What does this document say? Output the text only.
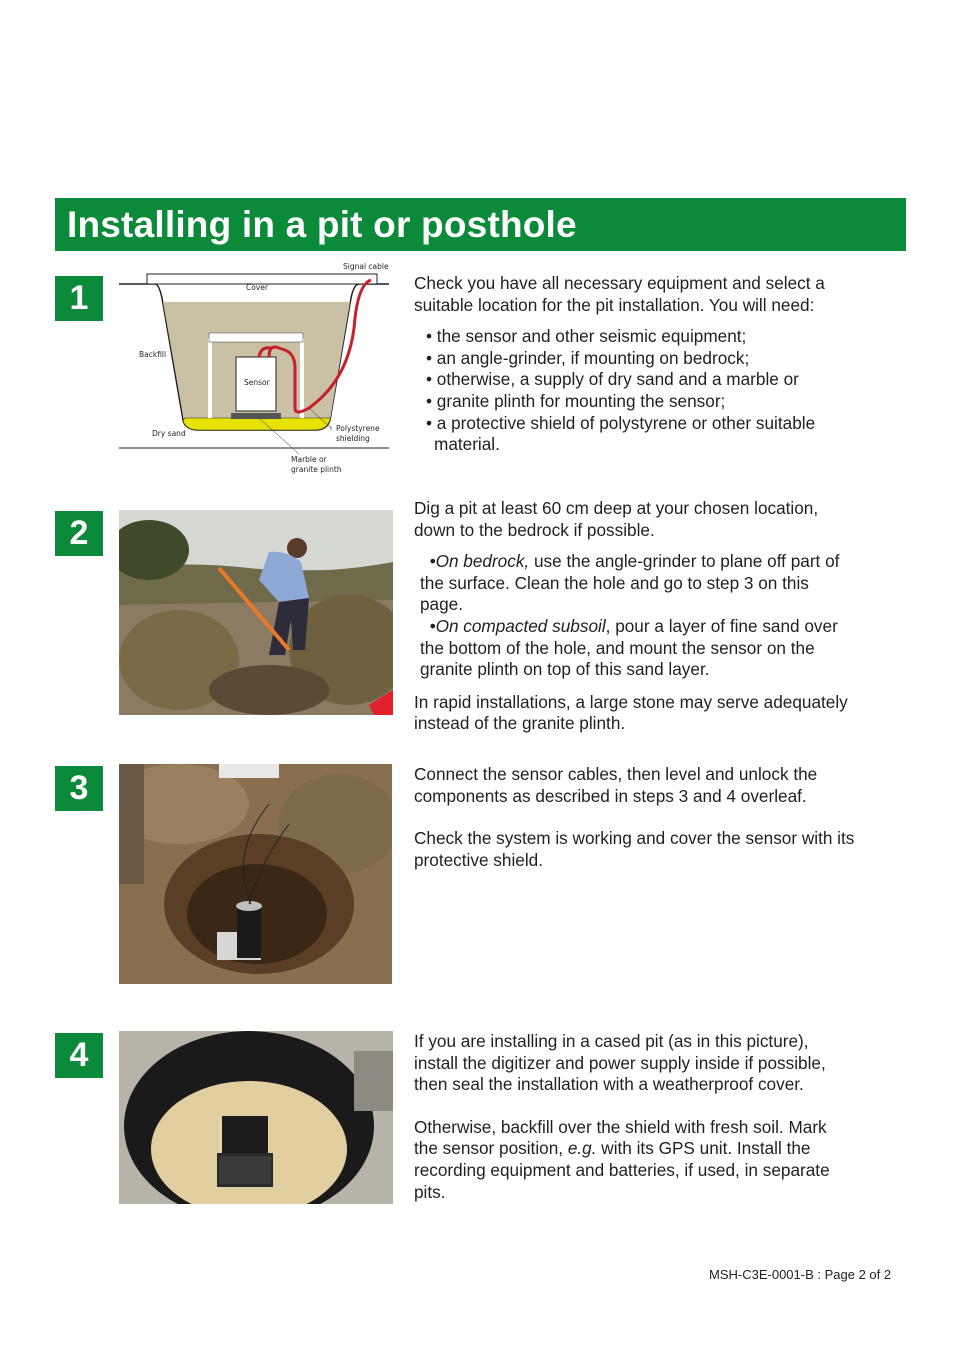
Installing in a pit or posthole
1
Signal cable
Cover
Backfill
Sensor
Dry sand
Polystyrene
shielding
Marble or
granite plinth

Check you have all necessary equipment and select a

suitable location for the pit installation. You will need:

• the sensor and other seismic equipment;

• an angle-grinder, if mounting on bedrock;

• otherwise, a supply of dry sand and a marble or

• granite plinth for mounting the sensor;

• a protective shield of polystyrene or other suitable

material.

2

Dig a pit at least 60 cm deep at your chosen location,

down to the bedrock if possible.

•On bedrock, use the angle-grinder to plane off part of

the surface. Clean the hole and go to step 3 on this

page.

•On compacted subsoil, pour a layer of fine sand over

the bottom of the hole, and mount the sensor on the

granite plinth on top of this sand layer.

In rapid installations, a large stone may serve adequately

instead of the granite plinth.

3	Connect the sensor cables, then level and unlock the

components as described in steps 3 and 4 overleaf.

Check the system is working and cover the sensor with its

protective shield.

4	If you are installing in a cased pit (as in this picture),

install the digitizer and power supply inside if possible,

then seal the installation with a weatherproof cover.

Otherwise, backfill over the shield with fresh soil. Mark

the sensor position, e.g. with its GPS unit. Install the

recording equipment and batteries, if used, in separate

pits.

MSH-C3E-0001-B : Page 2 of 2
